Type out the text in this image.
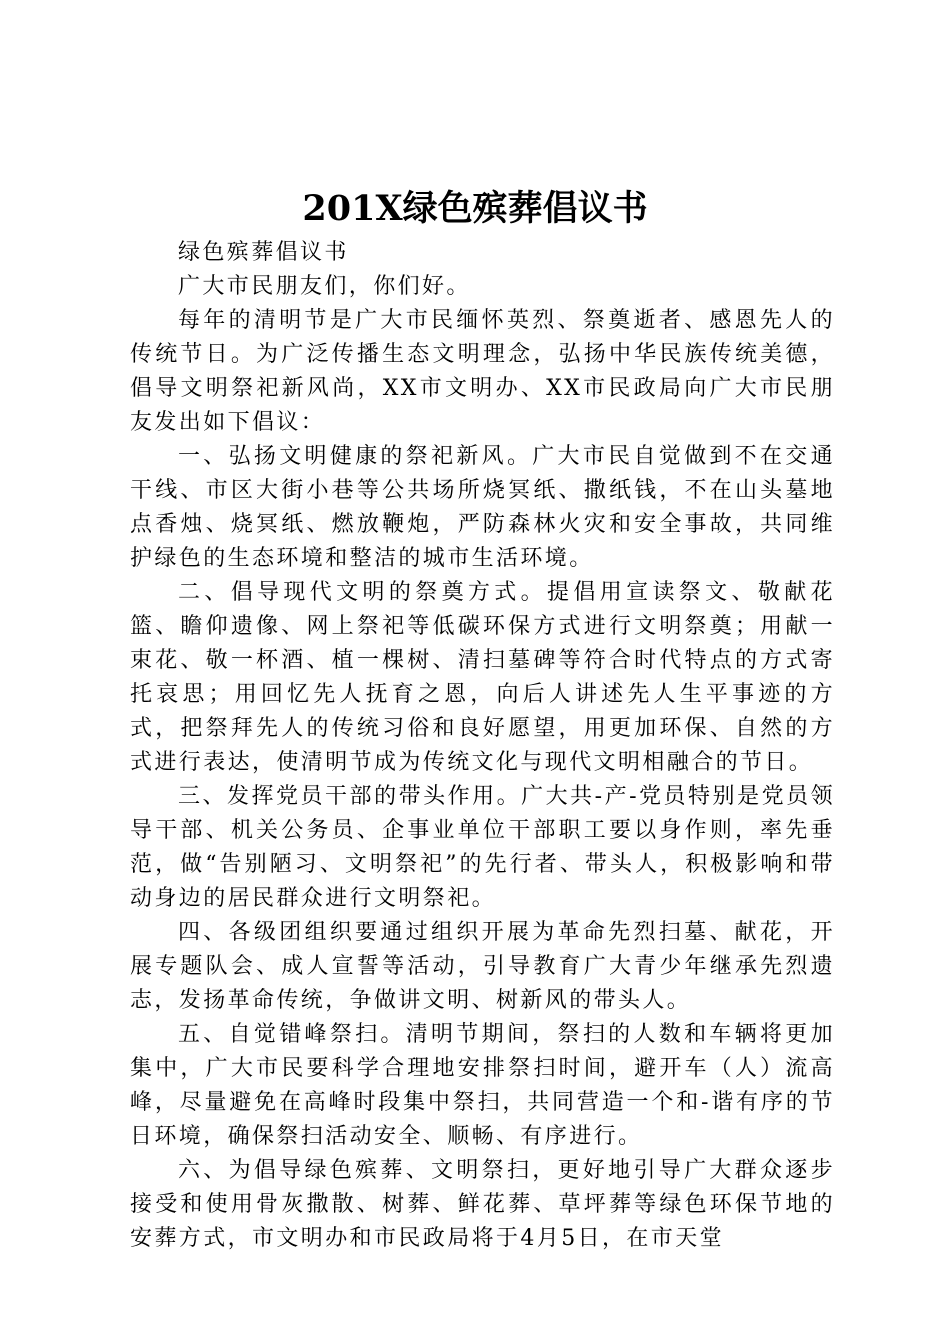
201X绿色殡葬倡议书

绿色殡葬倡议书

广大市民朋友们，你们好。

每年的清明节是广大市民缅怀英烈、祭奠逝者、感恩先人的传统节日。为广泛传播生态文明理念，弘扬中华民族传统美德，倡导文明祭祀新风尚，XX市文明办、XX市民政局向广大市民朋友发出如下倡议：

一、弘扬文明健康的祭祀新风。广大市民自觉做到不在交通干线、市区大街小巷等公共场所烧冥纸、撒纸钱，不在山头墓地点香烛、烧冥纸、燃放鞭炮，严防森林火灾和安全事故，共同维护绿色的生态环境和整洁的城市生活环境。

二、倡导现代文明的祭奠方式。提倡用宣读祭文、敬献花篮、瞻仰遗像、网上祭祀等低碳环保方式进行文明祭奠；用献一束花、敬一杯酒、植一棵树、清扫墓碑等符合时代特点的方式寄托哀思；用回忆先人抚育之恩，向后人讲述先人生平事迹的方式，把祭拜先人的传统习俗和良好愿望，用更加环保、自然的方式进行表达，使清明节成为传统文化与现代文明相融合的节日。

三、发挥党员干部的带头作用。广大共-产-党员特别是党员领导干部、机关公务员、企事业单位干部职工要以身作则，率先垂范，做“告别陋习、文明祭祀”的先行者、带头人，积极影响和带动身边的居民群众进行文明祭祀。

四、各级团组织要通过组织开展为革命先烈扫墓、献花，开展专题队会、成人宣誓等活动，引导教育广大青少年继承先烈遗志，发扬革命传统，争做讲文明、树新风的带头人。

五、自觉错峰祭扫。清明节期间，祭扫的人数和车辆将更加集中，广大市民要科学合理地安排祭扫时间，避开车（人）流高峰，尽量避免在高峰时段集中祭扫，共同营造一个和-谐有序的节日环境，确保祭扫活动安全、顺畅、有序进行。

六、为倡导绿色殡葬、文明祭扫，更好地引导广大群众逐步接受和使用骨灰撒散、树葬、鲜花葬、草坪葬等绿色环保节地的安葬方式，市文明办和市民政局将于4月5日，在市天堂
